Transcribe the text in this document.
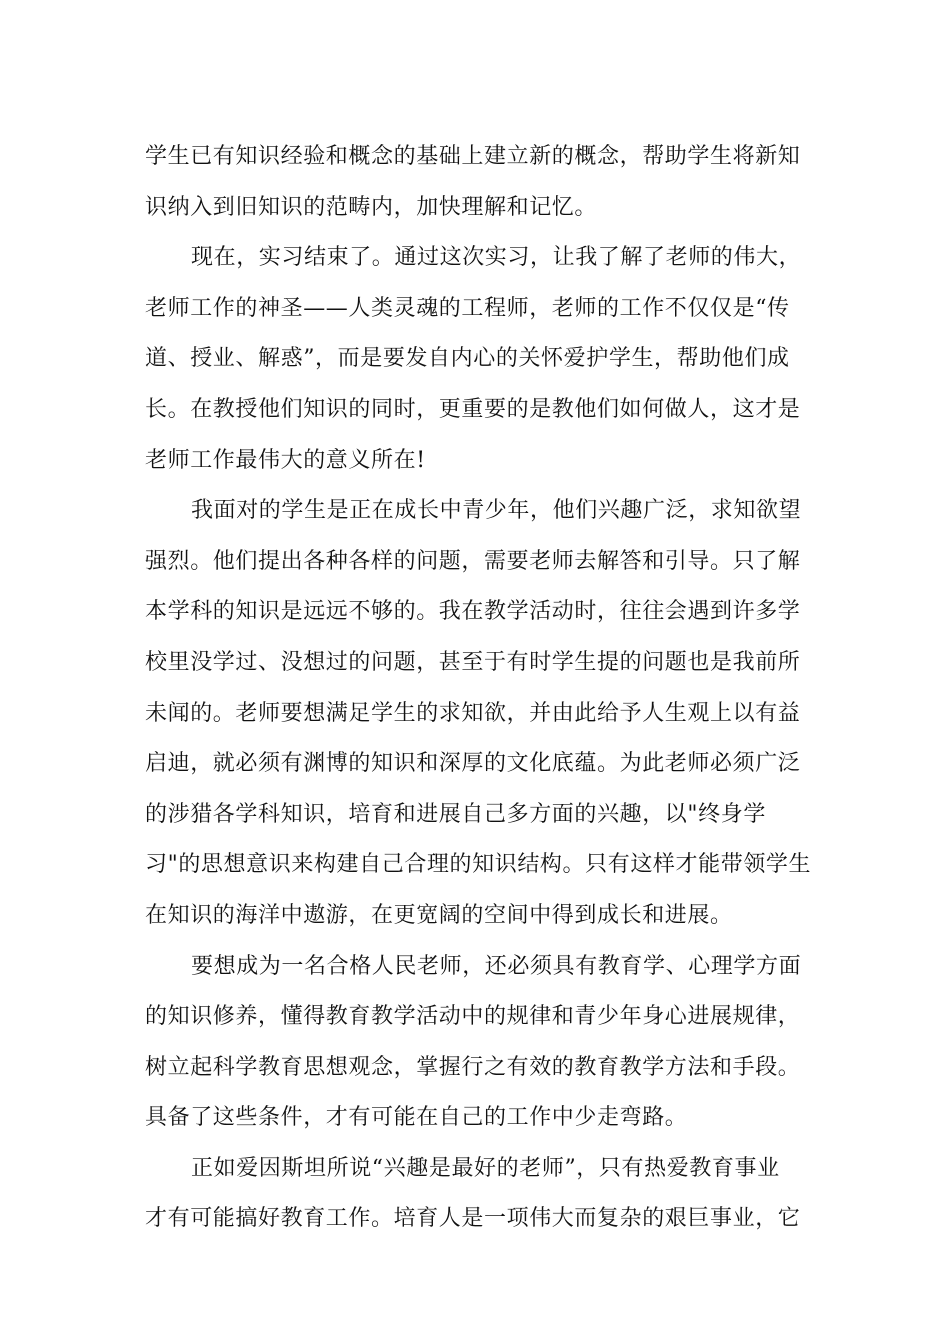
学生已有知识经验和概念的基础上建立新的概念，帮助学生将新知
识纳入到旧知识的范畴内，加快理解和记忆。
现在，实习结束了。通过这次实习，让我了解了老师的伟大，
老师工作的神圣——人类灵魂的工程师，老师的工作不仅仅是“传
道、授业、解惑”，而是要发自内心的关怀爱护学生，帮助他们成
长。在教授他们知识的同时，更重要的是教他们如何做人，这才是
老师工作最伟大的意义所在!
我面对的学生是正在成长中青少年，他们兴趣广泛，求知欲望
强烈。他们提出各种各样的问题，需要老师去解答和引导。只了解
本学科的知识是远远不够的。我在教学活动时，往往会遇到许多学
校里没学过、没想过的问题，甚至于有时学生提的问题也是我前所
未闻的。老师要想满足学生的求知欲，并由此给予人生观上以有益
启迪，就必须有渊博的知识和深厚的文化底蕴。为此老师必须广泛
的涉猎各学科知识，培育和进展自己多方面的兴趣，以"终身学
习"的思想意识来构建自己合理的知识结构。只有这样才能带领学生
在知识的海洋中遨游，在更宽阔的空间中得到成长和进展。
要想成为一名合格人民老师，还必须具有教育学、心理学方面
的知识修养，懂得教育教学活动中的规律和青少年身心进展规律，
树立起科学教育思想观念，掌握行之有效的教育教学方法和手段。
具备了这些条件，才有可能在自己的工作中少走弯路。
正如爱因斯坦所说“兴趣是最好的老师”，只有热爱教育事业
才有可能搞好教育工作。培育人是一项伟大而复杂的艰巨事业，它
